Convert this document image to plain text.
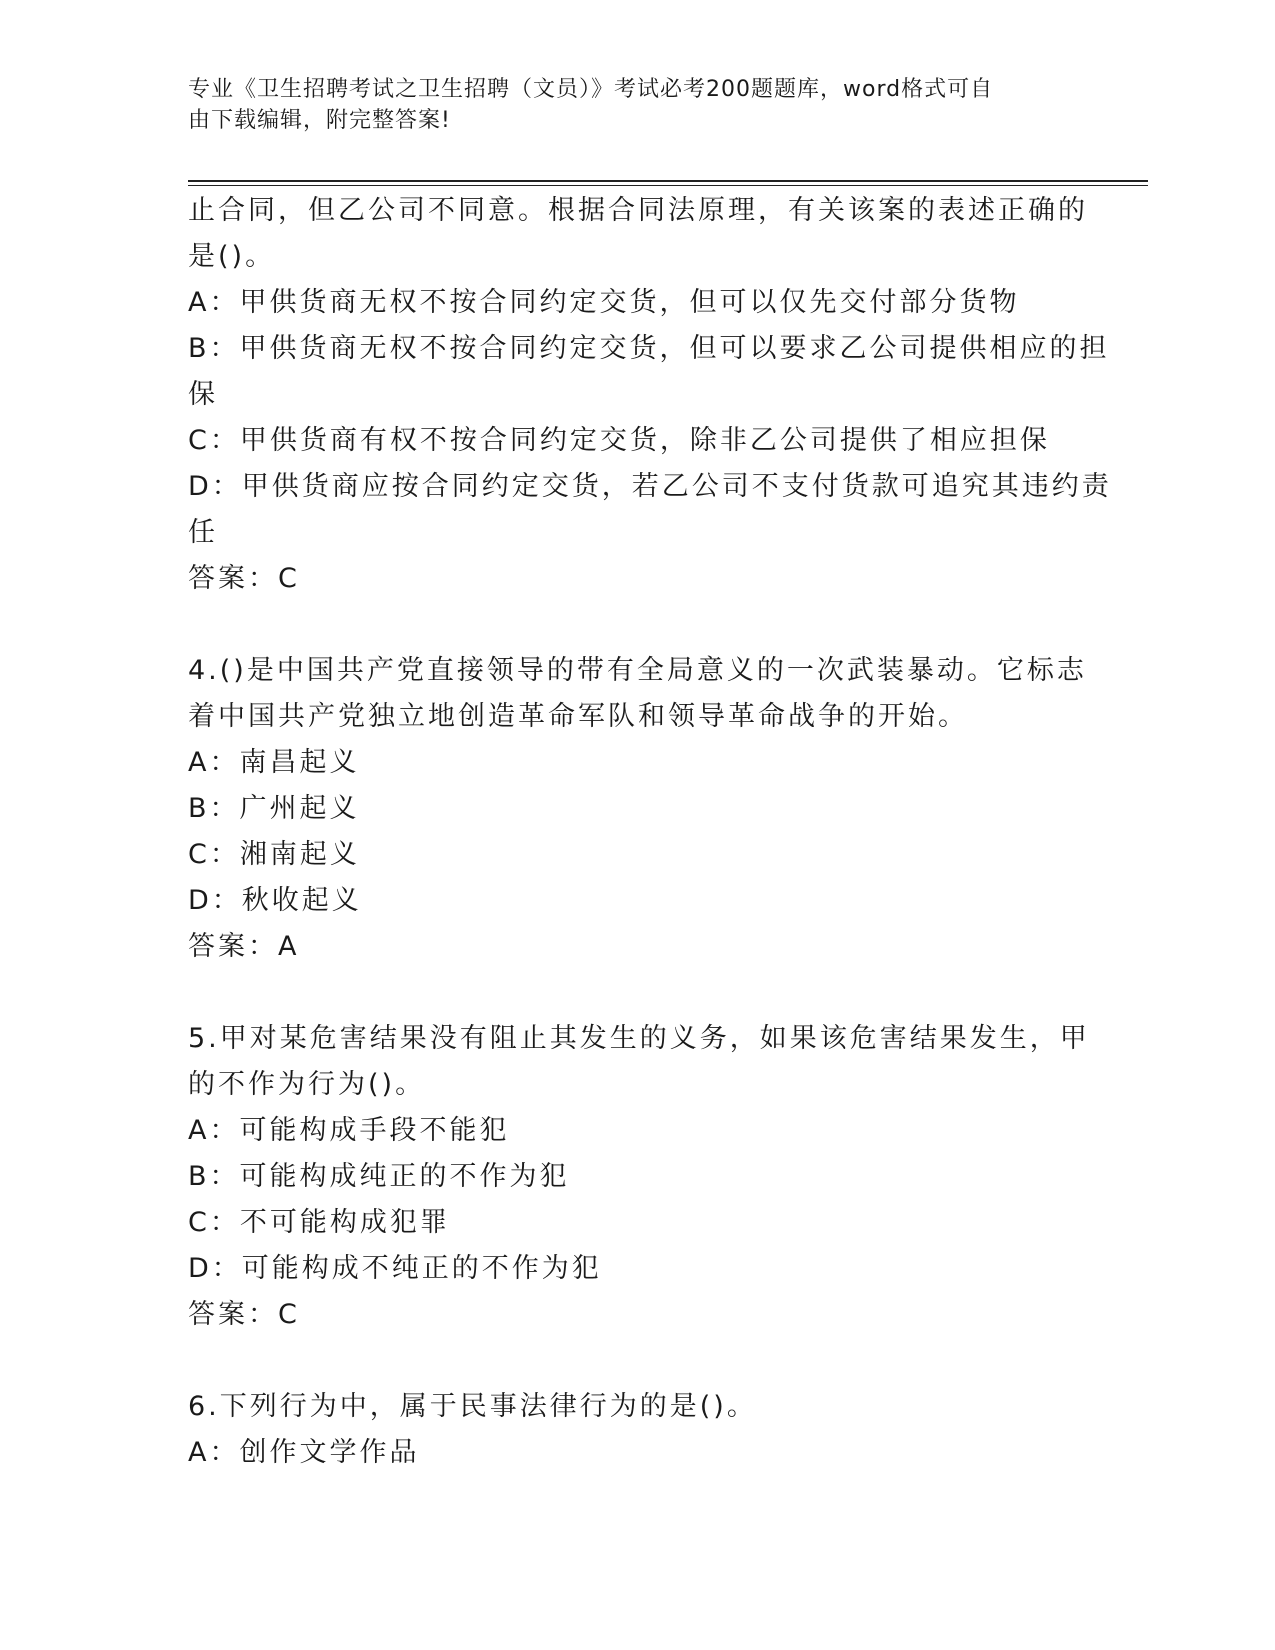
专业《卫生招聘考试之卫生招聘（文员）》考试必考200题题库，word格式可自
由下载编辑，附完整答案!
止合同，但乙公司不同意。根据合同法原理，有关该案的表述正确的
是()。
A：甲供货商无权不按合同约定交货，但可以仅先交付部分货物
B：甲供货商无权不按合同约定交货，但可以要求乙公司提供相应的担
保
C：甲供货商有权不按合同约定交货，除非乙公司提供了相应担保
D：甲供货商应按合同约定交货，若乙公司不支付货款可追究其违约责
任
答案：C
4.()是中国共产党直接领导的带有全局意义的一次武装暴动。它标志
着中国共产党独立地创造革命军队和领导革命战争的开始。
A：南昌起义
B：广州起义
C：湘南起义
D：秋收起义
答案：A
5.甲对某危害结果没有阻止其发生的义务，如果该危害结果发生，甲
的不作为行为()。
A：可能构成手段不能犯
B：可能构成纯正的不作为犯
C：不可能构成犯罪
D：可能构成不纯正的不作为犯
答案：C
6.下列行为中，属于民事法律行为的是()。
A：创作文学作品
